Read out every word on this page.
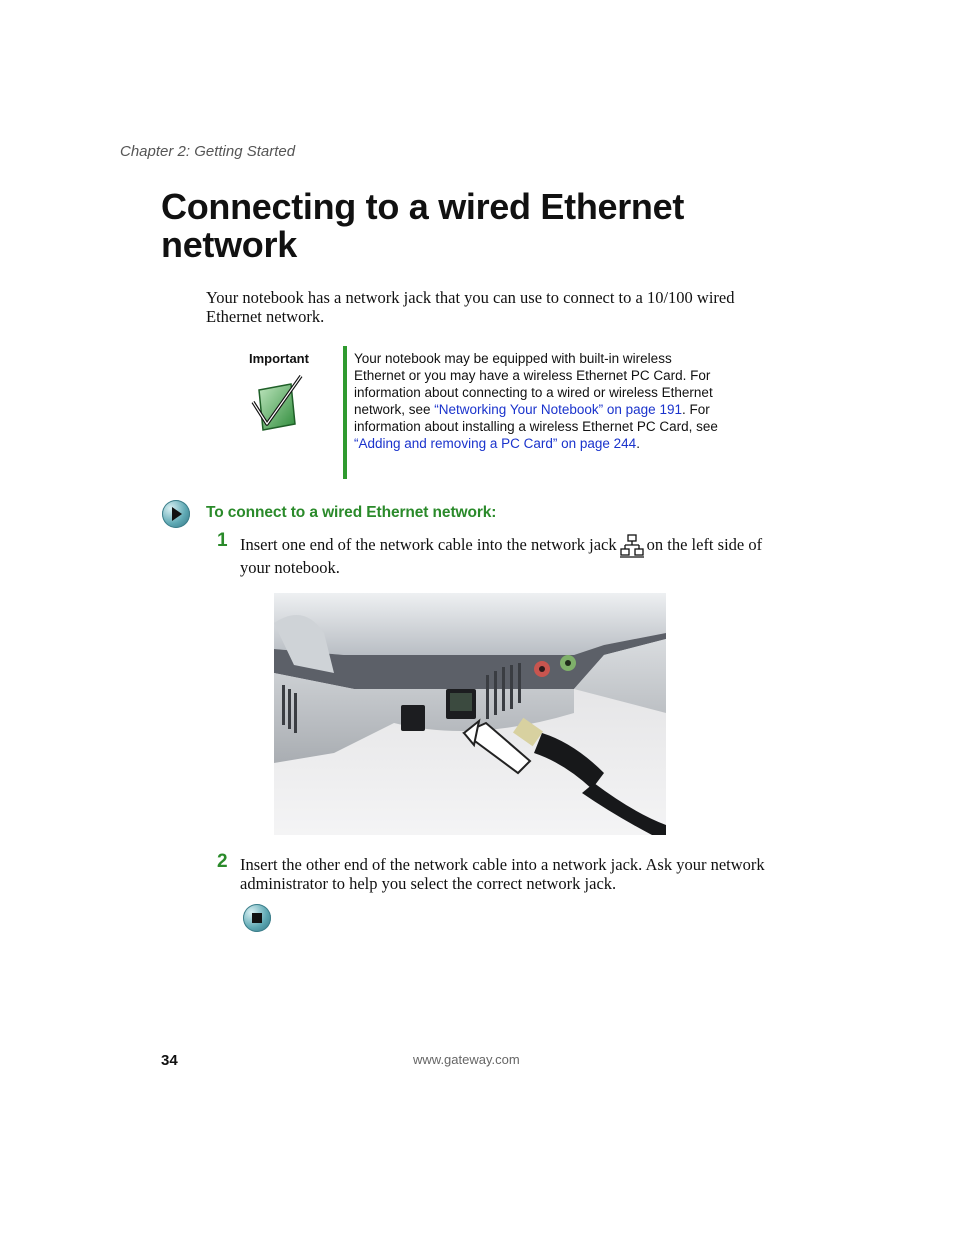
Chapter 2: Getting Started
Connecting to a wired Ethernet
network

Your notebook has a network jack that you can use to connect to a 10/100 wired Ethernet network.

Important	Your notebook may be equipped with built-in wireless Ethernet or you may have a wireless Ethernet PC Card. For information about connecting to a wired or wireless Ethernet network, see “Networking Your Notebook” on page 191. For information about installing a wireless Ethernet PC Card, see “Adding and removing a PC Card” on page 244.
To connect to a wired Ethernet network:
1 Insert one end of the network cable into the network jack on the left side of your notebook.
2 Insert the other end of the network cable into a network jack. Ask your network administrator to help you select the correct network jack.

34	www.gateway.com
